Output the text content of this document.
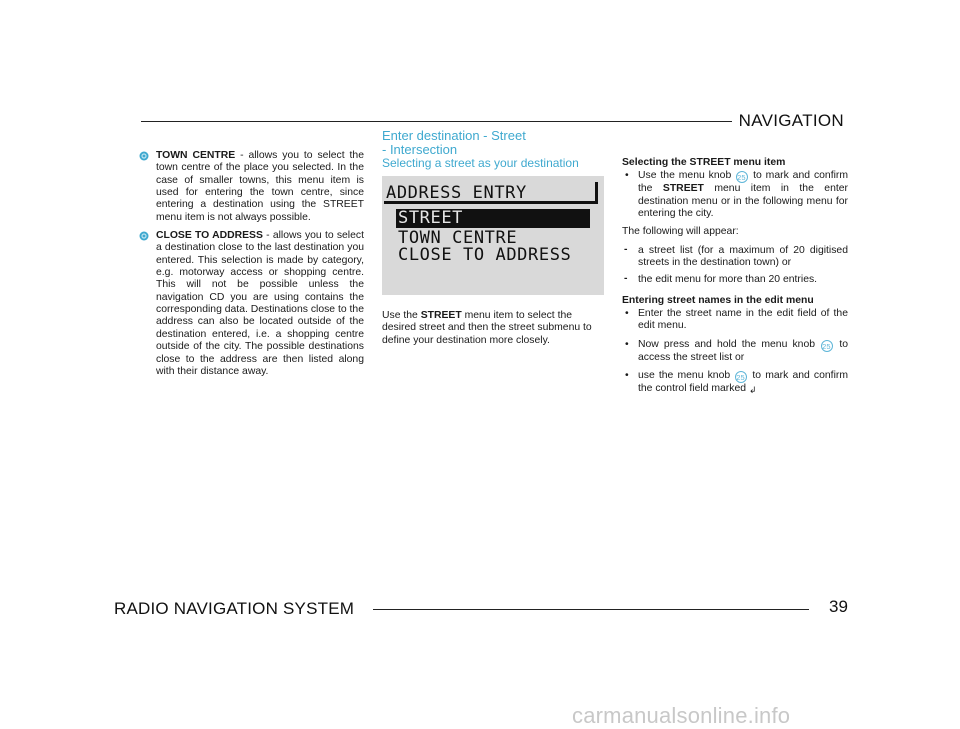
NAVIGATION
TOWN CENTRE - allows you to select the town centre of the place you selected. In the case of smaller towns, this menu item is used for entering the town centre, since entering a destination using the STREET menu item is not always possible.
CLOSE TO ADDRESS - allows you to select a destination close to the last destination you entered. This selection is made by category, e.g. motorway access or shopping centre. This will not be possible unless the navigation CD you are using contains the corresponding data. Destinations close to the address can also be located outside of the destination entered, i.e. a shopping centre outside of the city. The possible destinations close to the address are then listed along with their distance away.
Enter destination - Street
- Intersection
Selecting a street as your destination
ADDRESS ENTRY
STREET
TOWN CENTRE
CLOSE TO ADDRESS
Use the STREET menu item to select the desired street and then the street submenu to define your destination more closely.

Selecting the STREET menu item

• Use the menu knob 25 to mark and confirm the STREET menu item in the enter destination menu or in the following menu for entering the city.

The following will appear:

- a street list (for a maximum of 20 digitised streets in the destination town) or
- the edit menu for more than 20 entries.

Entering street names in the edit menu

• Enter the street name in the edit field of the edit menu.
• Now press and hold the menu knob 25 to access the street list or
• use the menu knob 25 to mark and confirm the control field marked ↲
RADIO NAVIGATION SYSTEM	39
carmanualsonline.info
